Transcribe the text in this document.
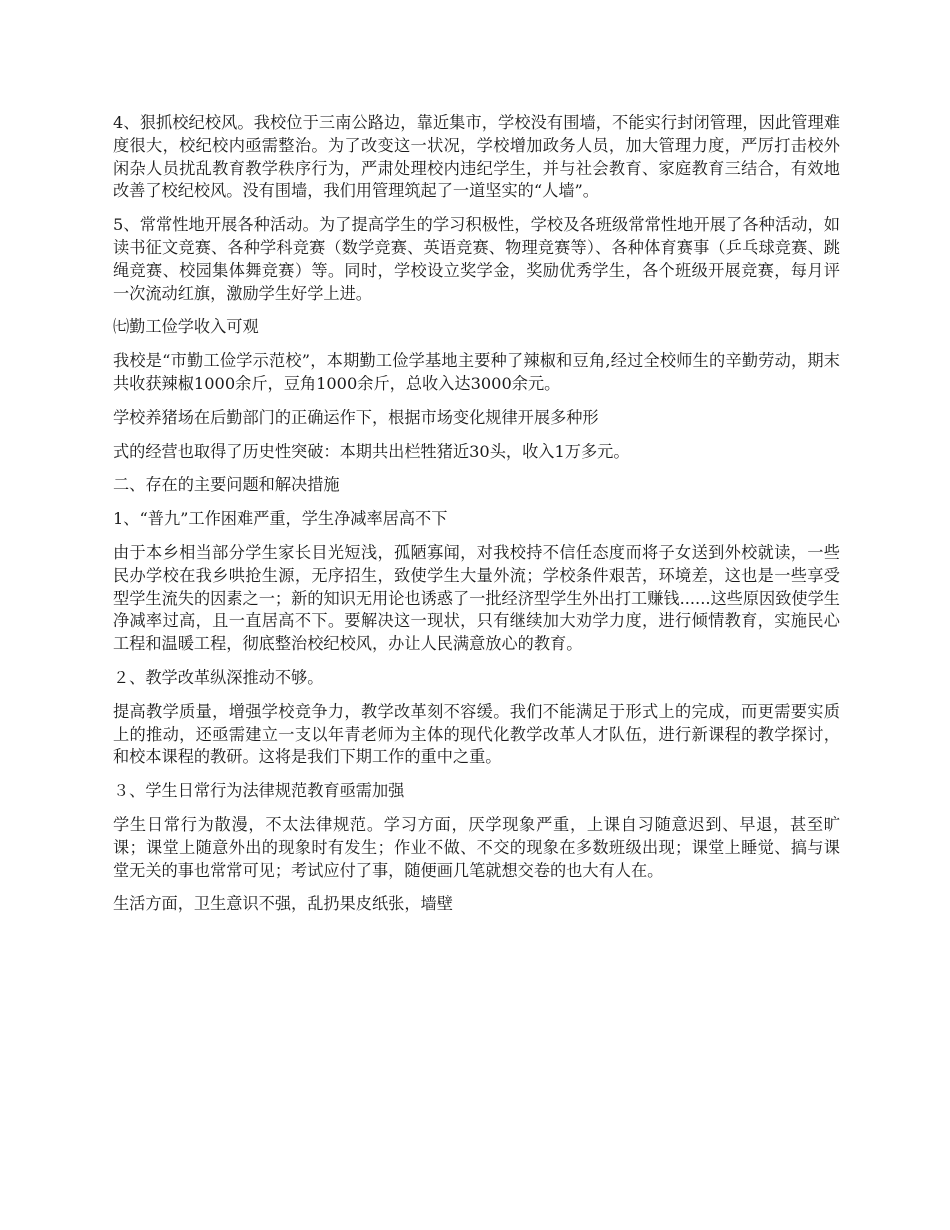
4、狠抓校纪校风。我校位于三南公路边，靠近集市，学校没有围墙，不能实行封闭管理，因此管理难度很大，校纪校内亟需整治。为了改变这一状况，学校增加政务人员，加大管理力度，严厉打击校外闲杂人员扰乱教育教学秩序行为，严肃处理校内违纪学生，并与社会教育、家庭教育三结合，有效地改善了校纪校风。没有围墙，我们用管理筑起了一道坚实的“人墙”。

5、常常性地开展各种活动。为了提高学生的学习积极性，学校及各班级常常性地开展了各种活动，如读书征文竞赛、各种学科竞赛（数学竞赛、英语竞赛、物理竞赛等）、各种体育赛事（乒乓球竞赛、跳绳竞赛、校园集体舞竞赛）等。同时，学校设立奖学金，奖励优秀学生，各个班级开展竞赛，每月评一次流动红旗，激励学生好学上进。

㈦勤工俭学收入可观

我校是“市勤工俭学示范校”，本期勤工俭学基地主要种了辣椒和豆角,经过全校师生的辛勤劳动，期末共收获辣椒1000余斤，豆角1000余斤，总收入达3000余元。

学校养猪场在后勤部门的正确运作下，根据市场变化规律开展多种形

式的经营也取得了历史性突破：本期共出栏牲猪近30头，收入1万多元。

二、存在的主要问题和解决措施

1、“普九”工作困难严重，学生净减率居高不下

由于本乡相当部分学生家长目光短浅，孤陋寡闻，对我校持不信任态度而将子女送到外校就读，一些民办学校在我乡哄抢生源，无序招生，致使学生大量外流；学校条件艰苦，环境差，这也是一些享受型学生流失的因素之一；新的知识无用论也诱惑了一批经济型学生外出打工赚钱......这些原因致使学生净减率过高，且一直居高不下。要解决这一现状，只有继续加大劝学力度，进行倾情教育，实施民心工程和温暖工程，彻底整治校纪校风，办让人民满意放心的教育。

２、教学改革纵深推动不够。

提高教学质量，增强学校竞争力，教学改革刻不容缓。我们不能满足于形式上的完成，而更需要实质上的推动，还亟需建立一支以年青老师为主体的现代化教学改革人才队伍，进行新课程的教学探讨，和校本课程的教研。这将是我们下期工作的重中之重。

３、学生日常行为法律规范教育亟需加强

学生日常行为散漫，不太法律规范。学习方面，厌学现象严重，上课自习随意迟到、早退，甚至旷课；课堂上随意外出的现象时有发生；作业不做、不交的现象在多数班级出现；课堂上睡觉、搞与课堂无关的事也常常可见；考试应付了事，随便画几笔就想交卷的也大有人在。

生活方面，卫生意识不强，乱扔果皮纸张，墙壁
